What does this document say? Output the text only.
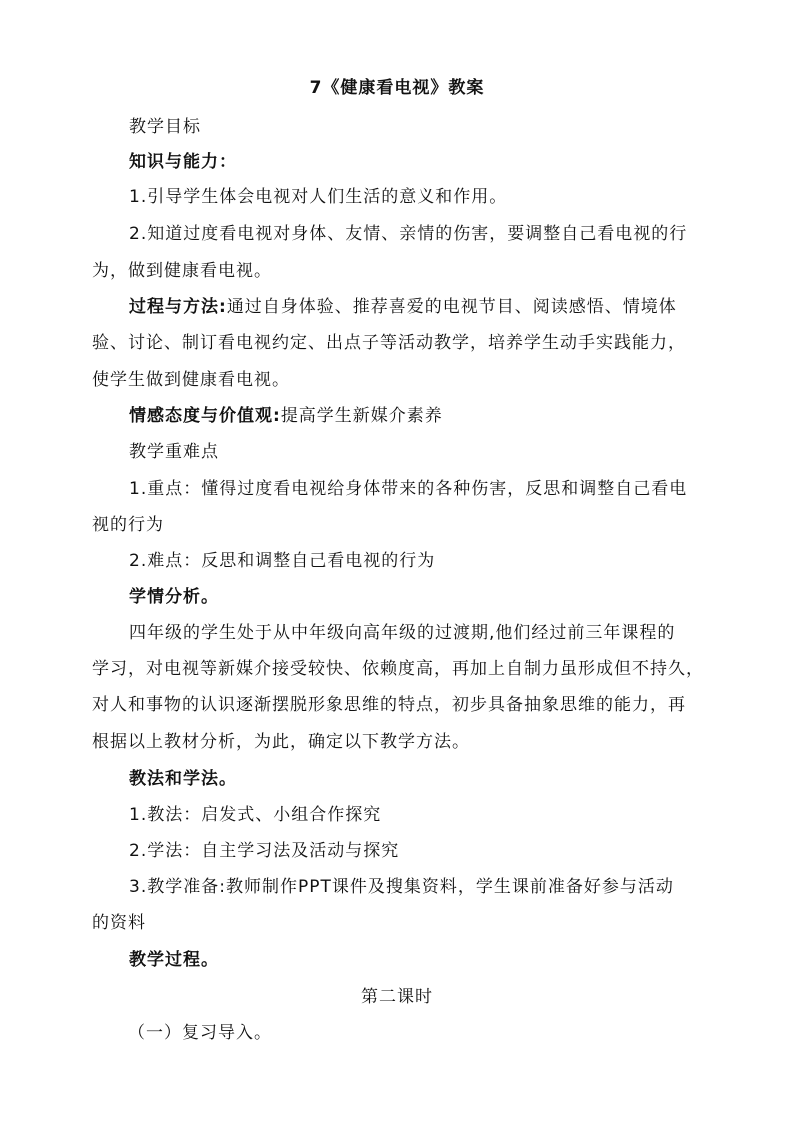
7《健康看电视》教案
教学目标
知识与能力：
1.引导学生体会电视对人们生活的意义和作用。
2.知道过度看电视对身体、友情、亲情的伤害，要调整自己看电视的行
为，做到健康看电视。
过程与方法:通过自身体验、推荐喜爱的电视节目、阅读感悟、情境体
验、讨论、制订看电视约定、出点子等活动教学，培养学生动手实践能力，
使学生做到健康看电视。
情感态度与价值观:提高学生新媒介素养
教学重难点
1.重点：懂得过度看电视给身体带来的各种伤害，反思和调整自己看电
视的行为
2.难点：反思和调整自己看电视的行为
学情分析。
四年级的学生处于从中年级向高年级的过渡期,他们经过前三年课程的
学习，对电视等新媒介接受较快、依赖度高，再加上自制力虽形成但不持久，
对人和事物的认识逐渐摆脱形象思维的特点，初步具备抽象思维的能力，再
根据以上教材分析，为此，确定以下教学方法。
教法和学法。
1.教法：启发式、小组合作探究
2.学法：自主学习法及活动与探究
3.教学准备:教师制作PPT课件及搜集资料，学生课前准备好参与活动
的资料
教学过程。
第二课时
（一）复习导入。
